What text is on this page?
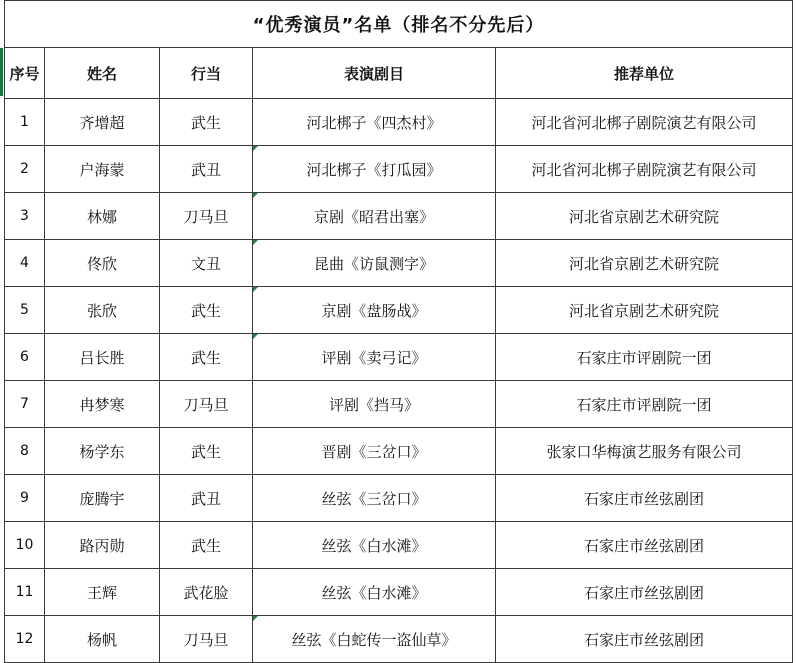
“优秀演员”名单（排名不分先后）				
序号	姓名	行当	表演剧目	推荐单位
1	齐增超	武生	河北梆子《四杰村》	河北省河北梆子剧院演艺有限公司
2	户海蒙	武丑	河北梆子《打瓜园》	河北省河北梆子剧院演艺有限公司
3	林娜	刀马旦	京剧《昭君出塞》	河北省京剧艺术研究院
4	佟欣	文丑	昆曲《访鼠测字》	河北省京剧艺术研究院
5	张欣	武生	京剧《盘肠战》	河北省京剧艺术研究院
6	吕长胜	武生	评剧《卖弓记》	石家庄市评剧院一团
7	冉梦寒	刀马旦	评剧《挡马》	石家庄市评剧院一团
8	杨学东	武生	晋剧《三岔口》	张家口华梅演艺服务有限公司
9	庞腾宇	武丑	丝弦《三岔口》	石家庄市丝弦剧团
10	路丙勋	武生	丝弦《白水滩》	石家庄市丝弦剧团
11	王辉	武花脸	丝弦《白水滩》	石家庄市丝弦剧团
12	杨帆	刀马旦	丝弦《白蛇传一盗仙草》	石家庄市丝弦剧团
